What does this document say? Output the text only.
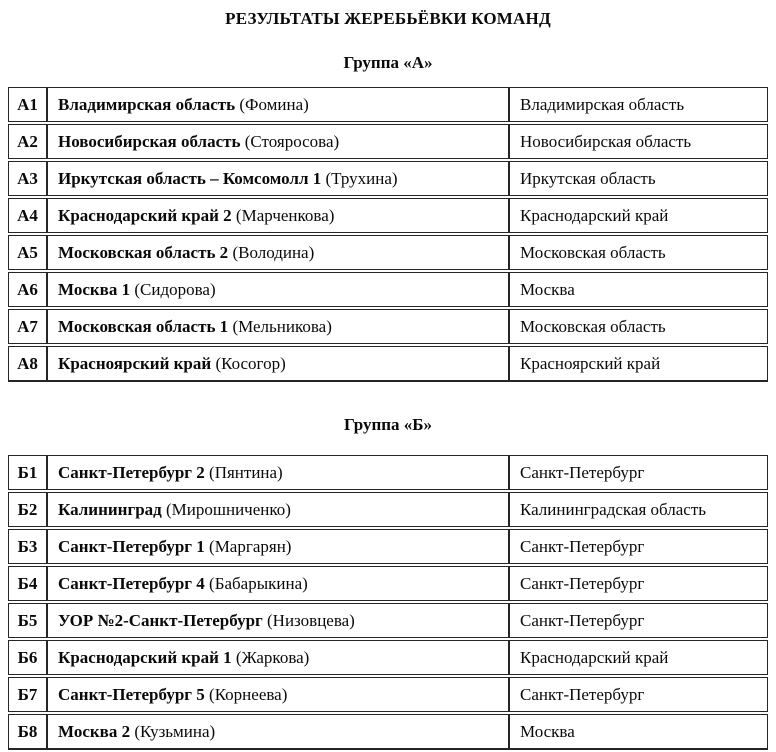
РЕЗУЛЬТАТЫ ЖЕРЕБЬЁВКИ КОМАНД
Группа «А»
А1	Владимирская область (Фомина)	Владимирская область
А2	Новосибирская область (Стояросова)	Новосибирская область
А3	Иркутская область – Комсомолл 1 (Трухина)	Иркутская область
А4	Краснодарский край 2 (Марченкова)	Краснодарский край
А5	Московская область 2 (Володина)	Московская область
А6	Москва 1 (Сидорова)	Москва
А7	Московская область 1 (Мельникова)	Московская область
А8	Красноярский край (Косогор)	Красноярский край
Группа «Б»
Б1	Санкт-Петербург 2 (Пянтина)	Санкт-Петербург
Б2	Калининград (Мирошниченко)	Калининградская область
Б3	Санкт-Петербург 1 (Маргарян)	Санкт-Петербург
Б4	Санкт-Петербург 4 (Бабарыкина)	Санкт-Петербург
Б5	УОР №2-Санкт-Петербург (Низовцева)	Санкт-Петербург
Б6	Краснодарский край 1 (Жаркова)	Краснодарский край
Б7	Санкт-Петербург 5 (Корнеева)	Санкт-Петербург
Б8	Москва 2 (Кузьмина)	Москва
